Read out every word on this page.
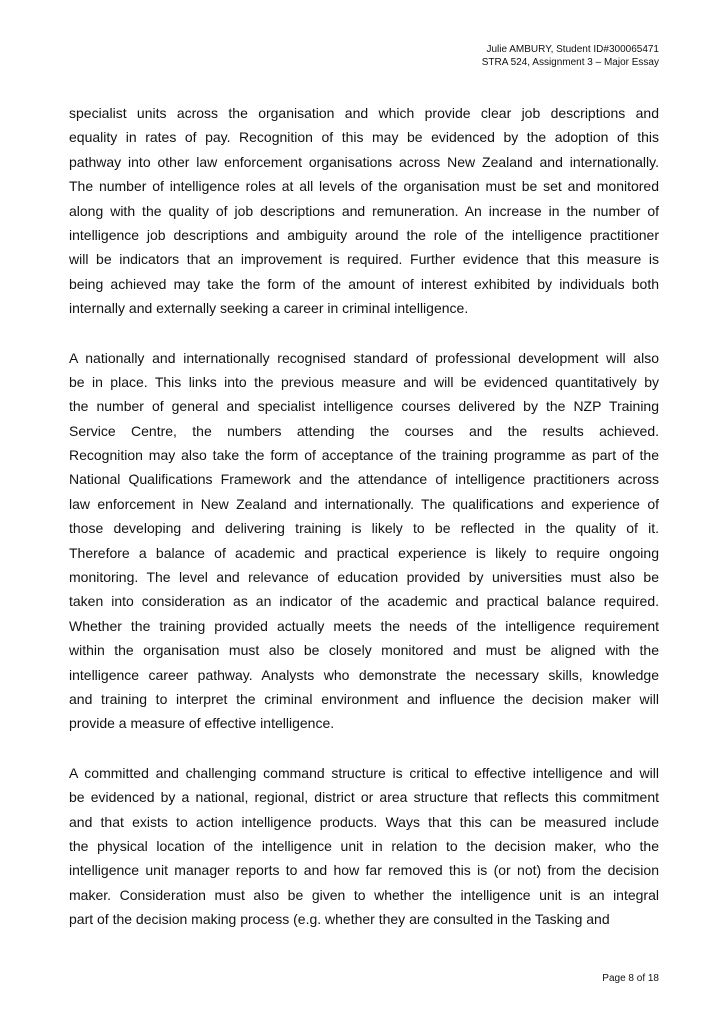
Julie AMBURY, Student ID#300065471
STRA 524, Assignment 3 – Major Essay
specialist units across the organisation and which provide clear job descriptions and
equality in rates of pay. Recognition of this may be evidenced by the adoption of this
pathway into other law enforcement organisations across New Zealand and internationally.
The number of intelligence roles at all levels of the organisation must be set and monitored
along with the quality of job descriptions and remuneration. An increase in the number of
intelligence job descriptions and ambiguity around the role of the intelligence practitioner
will be indicators that an improvement is required. Further evidence that this measure is
being achieved may take the form of the amount of interest exhibited by individuals both
internally and externally seeking a career in criminal intelligence.
A nationally and internationally recognised standard of professional development will also
be in place. This links into the previous measure and will be evidenced quantitatively by
the number of general and specialist intelligence courses delivered by the NZP Training
Service Centre, the numbers attending the courses and the results achieved.
Recognition may also take the form of acceptance of the training programme as part of the
National Qualifications Framework and the attendance of intelligence practitioners across
law enforcement in New Zealand and internationally. The qualifications and experience of
those developing and delivering training is likely to be reflected in the quality of it.
Therefore a balance of academic and practical experience is likely to require ongoing
monitoring. The level and relevance of education provided by universities must also be
taken into consideration as an indicator of the academic and practical balance required.
Whether the training provided actually meets the needs of the intelligence requirement
within the organisation must also be closely monitored and must be aligned with the
intelligence career pathway. Analysts who demonstrate the necessary skills, knowledge
and training to interpret the criminal environment and influence the decision maker will
provide a measure of effective intelligence.
A committed and challenging command structure is critical to effective intelligence and will
be evidenced by a national, regional, district or area structure that reflects this commitment
and that exists to action intelligence products. Ways that this can be measured include
the physical location of the intelligence unit in relation to the decision maker, who the
intelligence unit manager reports to and how far removed this is (or not) from the decision
maker. Consideration must also be given to whether the intelligence unit is an integral
part of the decision making process (e.g. whether they are consulted in the Tasking and
Page 8 of 18
